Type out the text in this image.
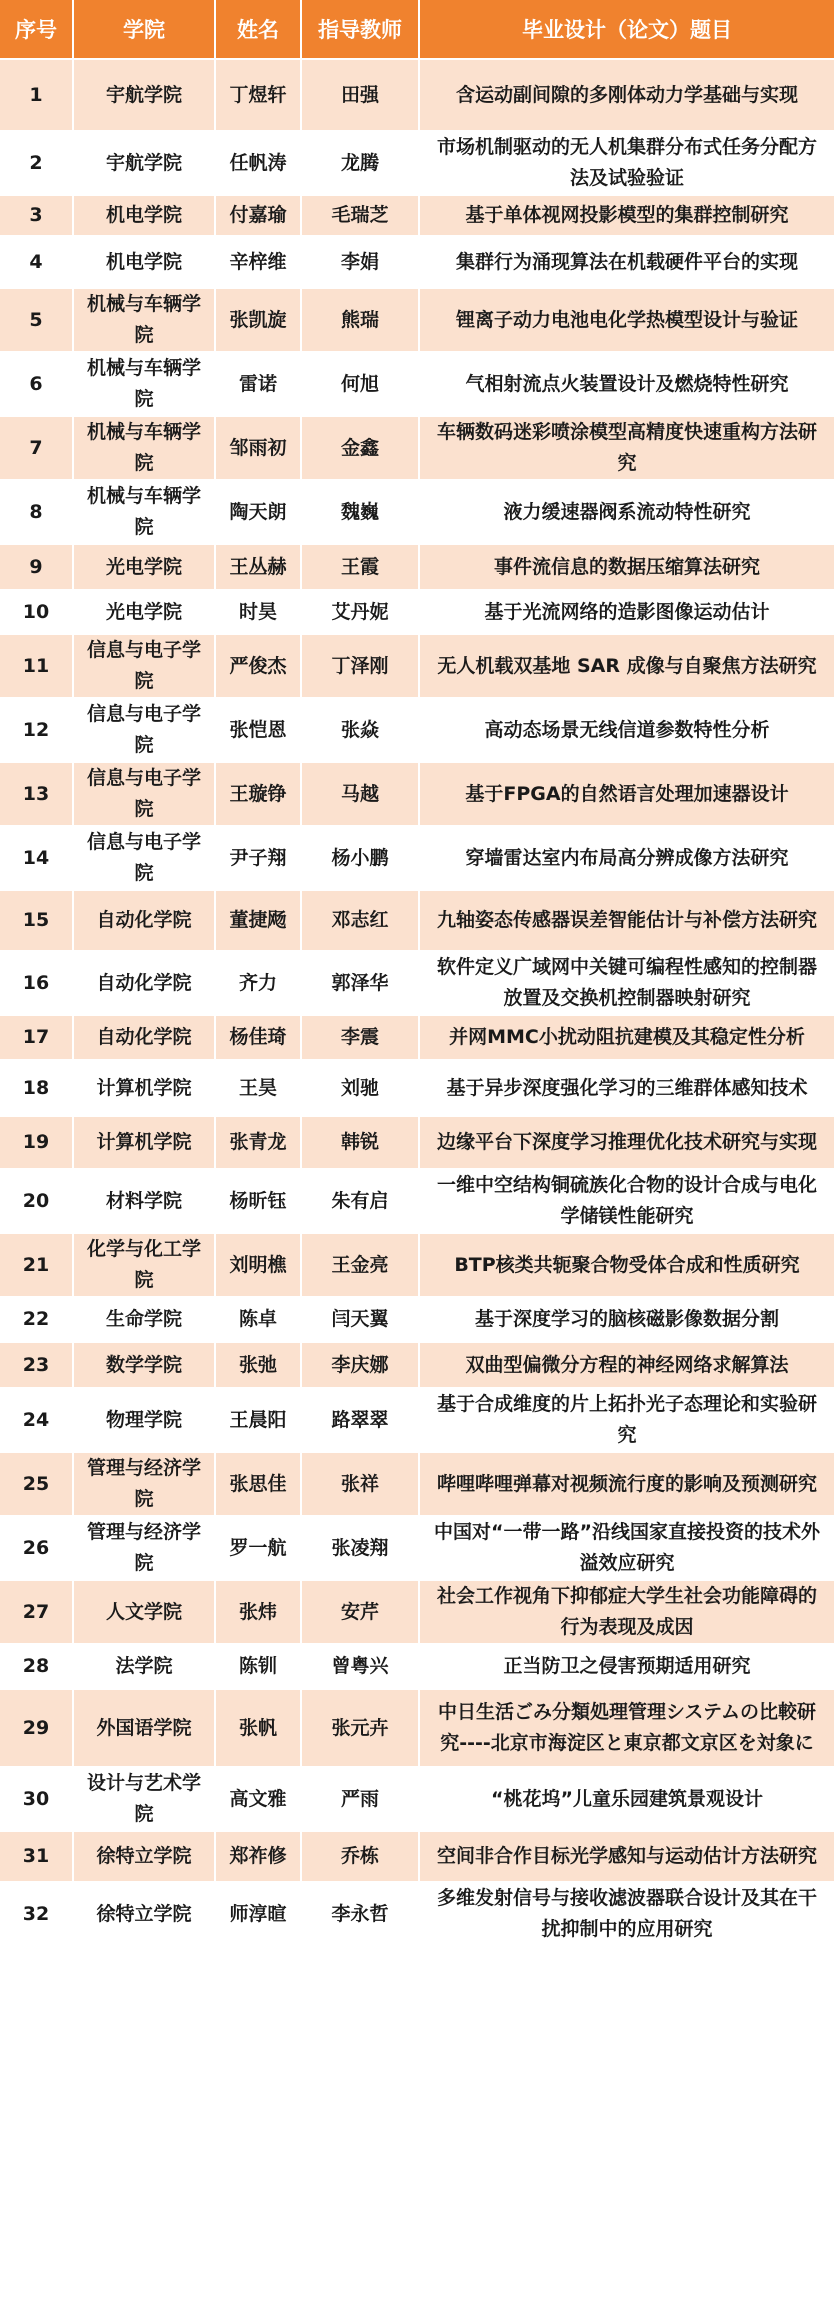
序号	学院	姓名	指导教师	毕业设计（论文）题目
1	宇航学院	丁煜轩	田强	含运动副间隙的多刚体动力学基础与实现
2	宇航学院	任帆涛	龙腾	市场机制驱动的无人机集群分布式任务分配方法及试验验证
3	机电学院	付嘉瑜	毛瑞芝	基于单体视网投影模型的集群控制研究
4	机电学院	辛梓维	李娟	集群行为涌现算法在机载硬件平台的实现
5	机械与车辆学院	张凯旋	熊瑞	锂离子动力电池电化学热模型设计与验证
6	机械与车辆学院	雷诺	何旭	气相射流点火装置设计及燃烧特性研究
7	机械与车辆学院	邹雨初	金鑫	车辆数码迷彩喷涂模型高精度快速重构方法研究
8	机械与车辆学院	陶天朗	魏巍	液力缓速器阀系流动特性研究
9	光电学院	王丛赫	王霞	事件流信息的数据压缩算法研究
10	光电学院	时昊	艾丹妮	基于光流网络的造影图像运动估计
11	信息与电子学院	严俊杰	丁泽刚	无人机载双基地 SAR 成像与自聚焦方法研究
12	信息与电子学院	张恺恩	张焱	高动态场景无线信道参数特性分析
13	信息与电子学院	王璇铮	马越	基于FPGA的自然语言处理加速器设计
14	信息与电子学院	尹子翔	杨小鹏	穿墙雷达室内布局高分辨成像方法研究
15	自动化学院	董捷飏	邓志红	九轴姿态传感器误差智能估计与补偿方法研究
16	自动化学院	齐力	郭泽华	软件定义广域网中关键可编程性感知的控制器放置及交换机控制器映射研究
17	自动化学院	杨佳琦	李震	并网MMC小扰动阻抗建模及其稳定性分析
18	计算机学院	王昊	刘驰	基于异步深度强化学习的三维群体感知技术
19	计算机学院	张青龙	韩锐	边缘平台下深度学习推理优化技术研究与实现
20	材料学院	杨昕钰	朱有启	一维中空结构铜硫族化合物的设计合成与电化学储镁性能研究
21	化学与化工学院	刘明樵	王金亮	BTP核类共轭聚合物受体合成和性质研究
22	生命学院	陈卓	闫天翼	基于深度学习的脑核磁影像数据分割
23	数学学院	张弛	李庆娜	双曲型偏微分方程的神经网络求解算法
24	物理学院	王晨阳	路翠翠	基于合成维度的片上拓扑光子态理论和实验研究
25	管理与经济学院	张思佳	张祥	哔哩哔哩弹幕对视频流行度的影响及预测研究
26	管理与经济学院	罗一航	张凌翔	中国对“一带一路”沿线国家直接投资的技术外溢效应研究
27	人文学院	张炜	安芹	社会工作视角下抑郁症大学生社会功能障碍的行为表现及成因
28	法学院	陈钏	曾粤兴	正当防卫之侵害预期适用研究
29	外国语学院	张帆	张元卉	中日生活ごみ分類処理管理システムの比較研究----北京市海淀区と東京都文京区を対象に
30	设计与艺术学院	高文雅	严雨	“桃花坞”儿童乐园建筑景观设计
31	徐特立学院	郑祚修	乔栋	空间非合作目标光学感知与运动估计方法研究
32	徐特立学院	师淳暄	李永哲	多维发射信号与接收滤波器联合设计及其在干扰抑制中的应用研究
